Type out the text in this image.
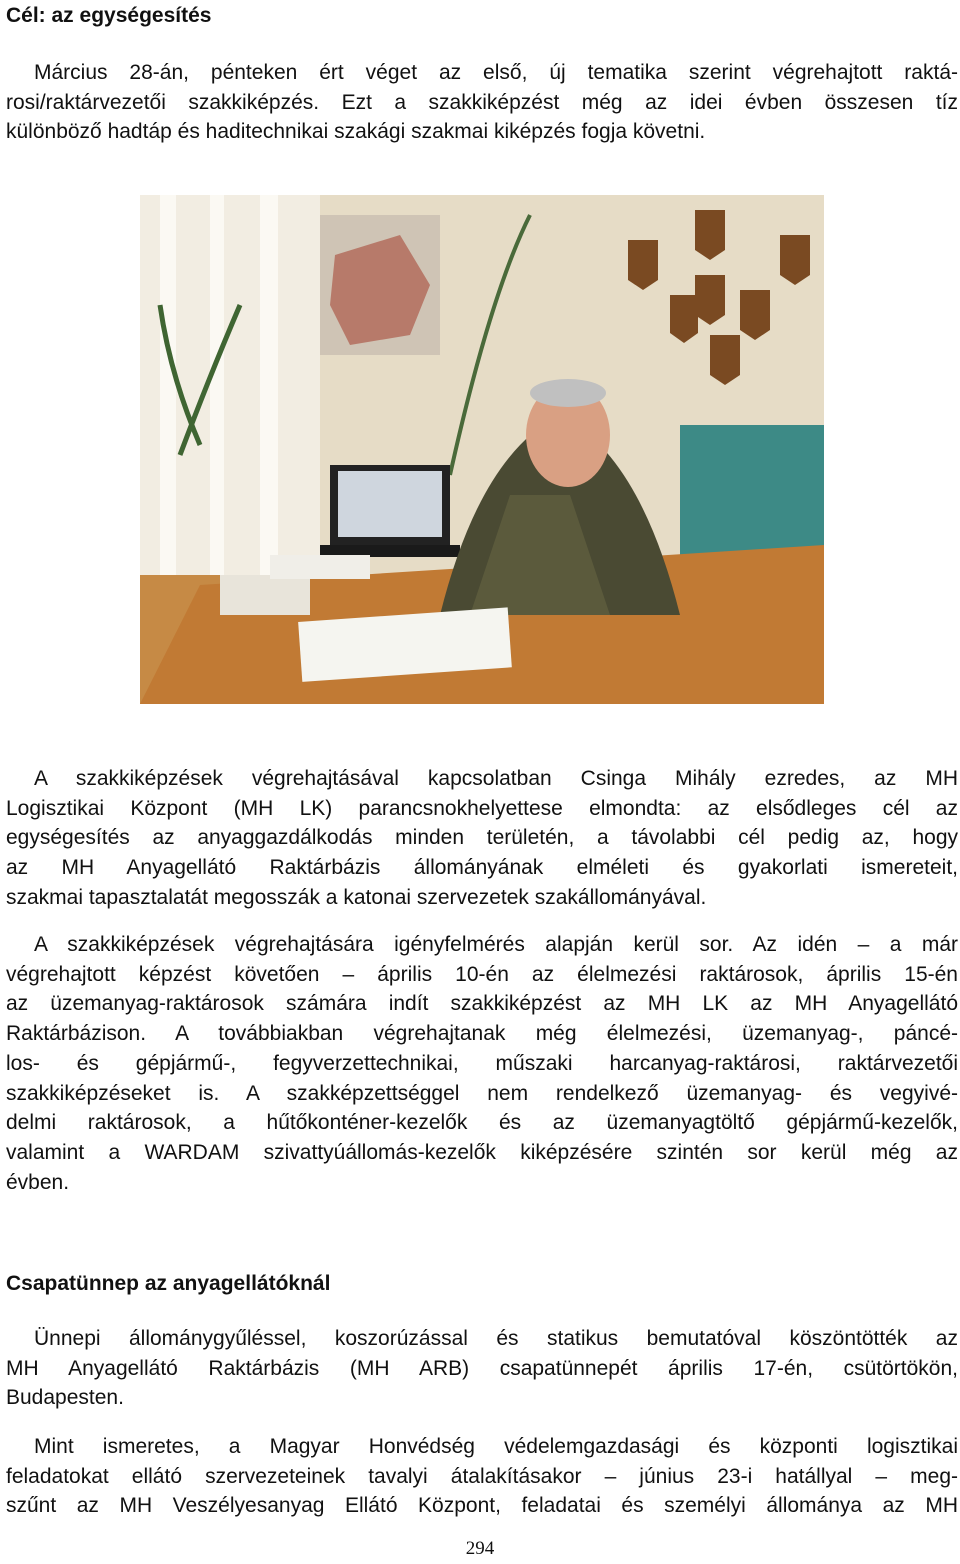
Cél: az egységesítés
Március 28-án, pénteken ért véget az első, új tematika szerint végrehajtott raktá-
rosi/raktárvezetői szakkiképzés. Ezt a szakkiképzést még az idei évben összesen tíz
különböző hadtáp és haditechnikai szakági szakmai kiképzés fogja követni.
A szakkiképzések végrehajtásával kapcsolatban Csinga Mihály ezredes, az MH
Logisztikai Központ (MH LK) parancsnokhelyettese elmondta: az elsődleges cél az
egységesítés az anyaggazdálkodás minden területén, a távolabbi cél pedig az, hogy
az MH Anyagellátó Raktárbázis állományának elméleti és gyakorlati ismereteit,
szakmai tapasztalatát megosszák a katonai szervezetek szakállományával.
A szakkiképzések végrehajtására igényfelmérés alapján kerül sor. Az idén – a már
végrehajtott képzést követően – április 10-én az élelmezési raktárosok, április 15-én
az üzemanyag-raktárosok számára indít szakkiképzést az MH LK az MH Anyagellátó
Raktárbázison. A továbbiakban végrehajtanak még élelmezési, üzemanyag-, páncé-
los- és gépjármű-, fegyverzettechnikai, műszaki harcanyag-raktárosi, raktárvezetői
szakkiképzéseket is. A szakképzettséggel nem rendelkező üzemanyag- és vegyivé-
delmi raktárosok, a hűtőkonténer-kezelők és az üzemanyagtöltő gépjármű-kezelők,
valamint a WARDAM szivattyúállomás-kezelők kiképzésére szintén sor kerül még az
évben.
Csapatünnep az anyagellátóknál
Ünnepi állománygyűléssel, koszorúzással és statikus bemutatóval köszöntötték az
MH Anyagellátó Raktárbázis (MH ARB) csapatünnepét április 17-én, csütörtökön,
Budapesten.
Mint ismeretes, a Magyar Honvédség védelemgazdasági és központi logisztikai
feladatokat ellátó szervezeteinek tavalyi átalakításakor – június 23-i hatállyal – meg-
szűnt az MH Veszélyesanyag Ellátó Központ, feladatai és személyi állománya az MH
294
